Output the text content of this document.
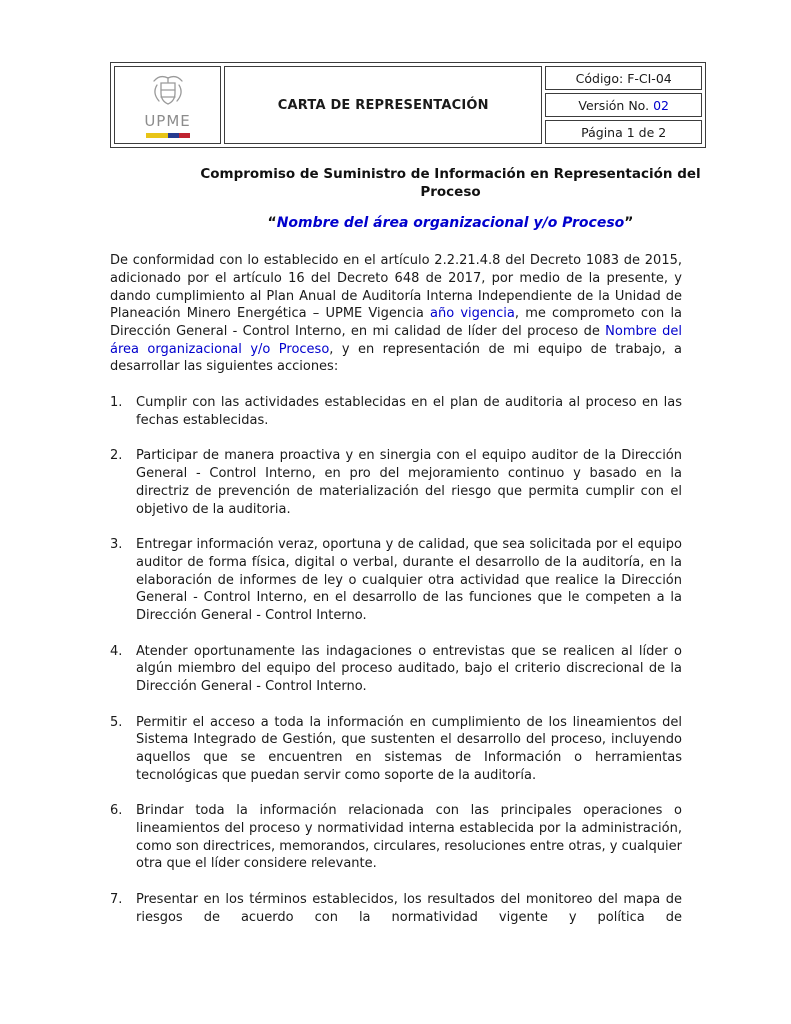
UPME
	CARTA DE REPRESENTACIÓN	Código: F-CI-04
Versión No. 02
Página 1 de 2
Compromiso de Suministro de Información en Representación del Proceso
“Nombre del área organizacional y/o Proceso”

De conformidad con lo establecido en el artículo 2.2.21.4.8 del Decreto 1083 de 2015, adicionado por el artículo 16 del Decreto 648 de 2017, por medio de la presente, y dando cumplimiento al Plan Anual de Auditoría Interna Independiente de la Unidad de Planeación Minero Energética – UPME Vigencia año vigencia, me comprometo con la Dirección General - Control Interno, en mi calidad de líder del proceso de Nombre del área organizacional y/o Proceso, y en representación de mi equipo de trabajo, a desarrollar las siguientes acciones:

1.	Cumplir con las actividades establecidas en el plan de auditoria al proceso en las fechas establecidas.
2.	Participar de manera proactiva y en sinergia con el equipo auditor de la Dirección General - Control Interno, en pro del mejoramiento continuo y basado en la directriz de prevención de materialización del riesgo que permita cumplir con el objetivo de la auditoria.
3.	Entregar información veraz, oportuna y de calidad, que sea solicitada por el equipo auditor de forma física, digital o verbal, durante el desarrollo de la auditoría, en la elaboración de informes de ley o cualquier otra actividad que realice la Dirección General - Control Interno, en el desarrollo de las funciones que le competen a la Dirección General - Control Interno.
4.	Atender oportunamente las indagaciones o entrevistas que se realicen al líder o algún miembro del equipo del proceso auditado, bajo el criterio discrecional de la Dirección General - Control Interno.
5.	Permitir el acceso a toda la información en cumplimiento de los lineamientos del Sistema Integrado de Gestión, que sustenten el desarrollo del proceso, incluyendo aquellos que se encuentren en sistemas de Información o herramientas tecnológicas que puedan servir como soporte de la auditoría.
6.	Brindar toda la información relacionada con las principales operaciones o lineamientos del proceso y normatividad interna establecida por la administración, como son directrices, memorandos, circulares, resoluciones entre otras, y cualquier otra que el líder considere relevante.
7.	Presentar en los términos establecidos, los resultados del monitoreo del mapa de riesgos de acuerdo con la normatividad vigente y política de
